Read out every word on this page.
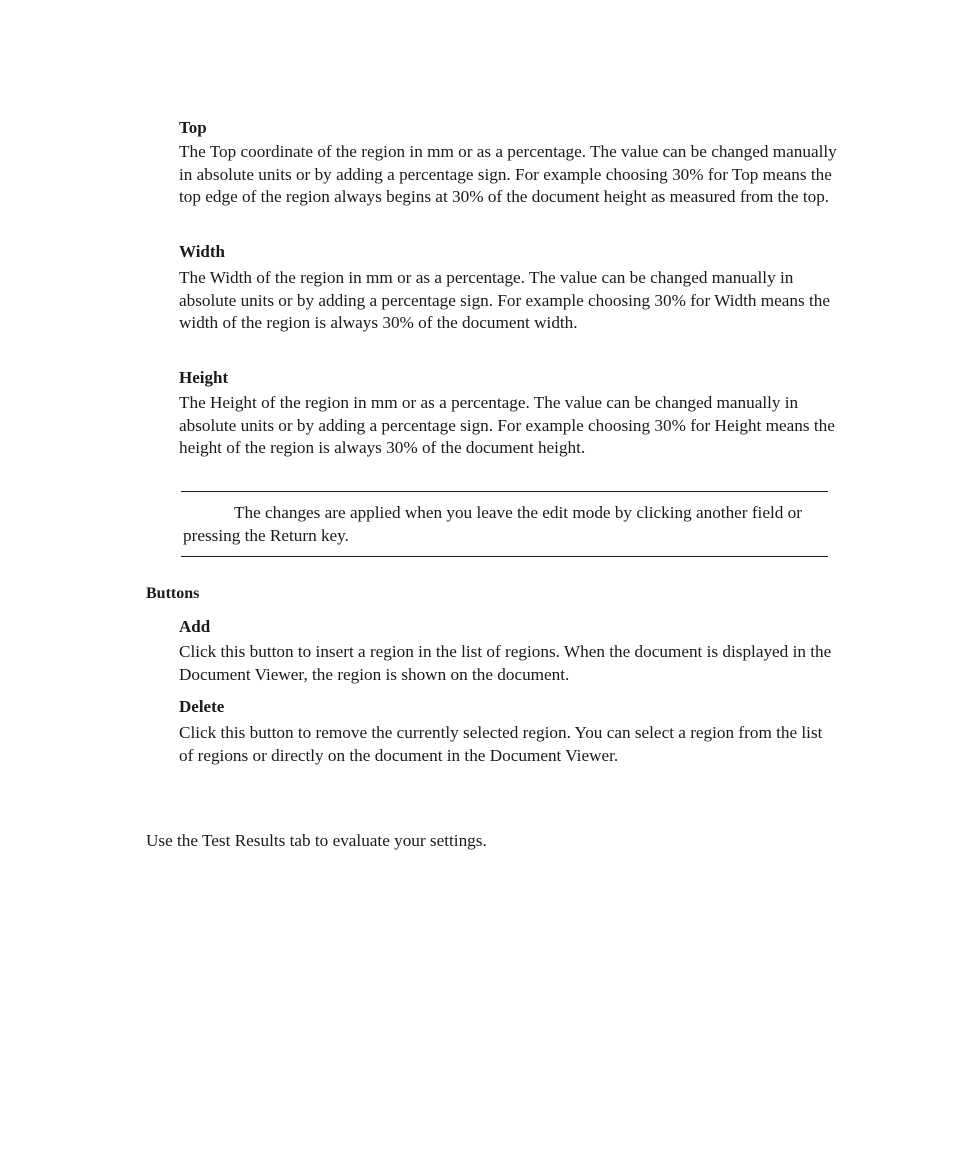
Top
The Top coordinate of the region in mm or as a percentage. The value can be changed manually in absolute units or by adding a percentage sign. For example choosing 30% for Top means the top edge of the region always begins at 30% of the document height as measured from the top.
Width
The Width of the region in mm or as a percentage. The value can be changed manually in absolute units or by adding a percentage sign. For example choosing 30% for Width means the width of the region is always 30% of the document width.
Height
The Height of the region in mm or as a percentage. The value can be changed manually in absolute units or by adding a percentage sign. For example choosing 30% for Height means the height of the region is always 30% of the document height.
The changes are applied when you leave the edit mode by clicking another field or pressing the Return key.
Buttons
Add
Click this button to insert a region in the list of regions. When the document is displayed in the Document Viewer, the region is shown on the document.
Delete
Click this button to remove the currently selected region. You can select a region from the list of regions or directly on the document in the Document Viewer.
Use the Test Results tab to evaluate your settings.
